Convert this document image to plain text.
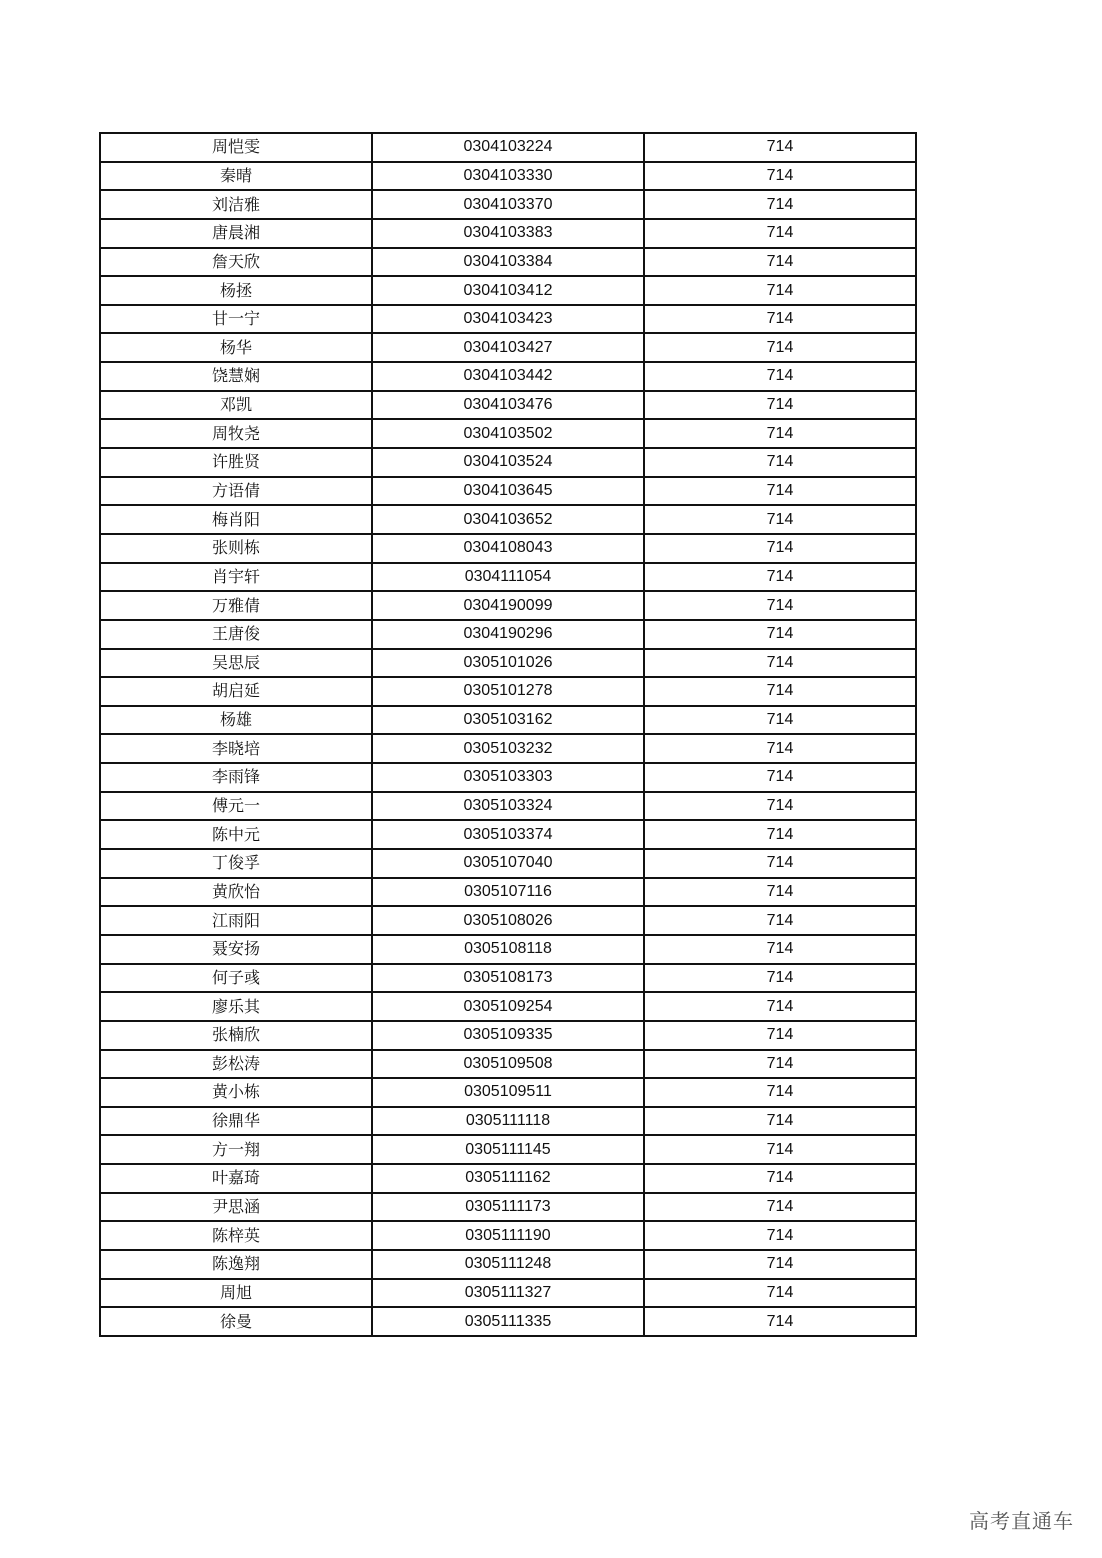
周恺雯	0304103224	714
秦晴	0304103330	714
刘洁雅	0304103370	714
唐晨湘	0304103383	714
詹天欣	0304103384	714
杨拯	0304103412	714
甘一宁	0304103423	714
杨华	0304103427	714
饶慧娴	0304103442	714
邓凯	0304103476	714
周牧尧	0304103502	714
许胜贤	0304103524	714
方语倩	0304103645	714
梅肖阳	0304103652	714
张则栋	0304108043	714
肖宇轩	0304111054	714
万雅倩	0304190099	714
王唐俊	0304190296	714
吴思辰	0305101026	714
胡启延	0305101278	714
杨雄	0305103162	714
李晓培	0305103232	714
李雨锋	0305103303	714
傅元一	0305103324	714
陈中元	0305103374	714
丁俊孚	0305107040	714
黄欣怡	0305107116	714
江雨阳	0305108026	714
聂安扬	0305108118	714
何子彧	0305108173	714
廖乐其	0305109254	714
张楠欣	0305109335	714
彭松涛	0305109508	714
黄小栋	0305109511	714
徐鼎华	0305111118	714
方一翔	0305111145	714
叶嘉琦	0305111162	714
尹思涵	0305111173	714
陈梓英	0305111190	714
陈逸翔	0305111248	714
周旭	0305111327	714
徐曼	0305111335	714
高考直通车
